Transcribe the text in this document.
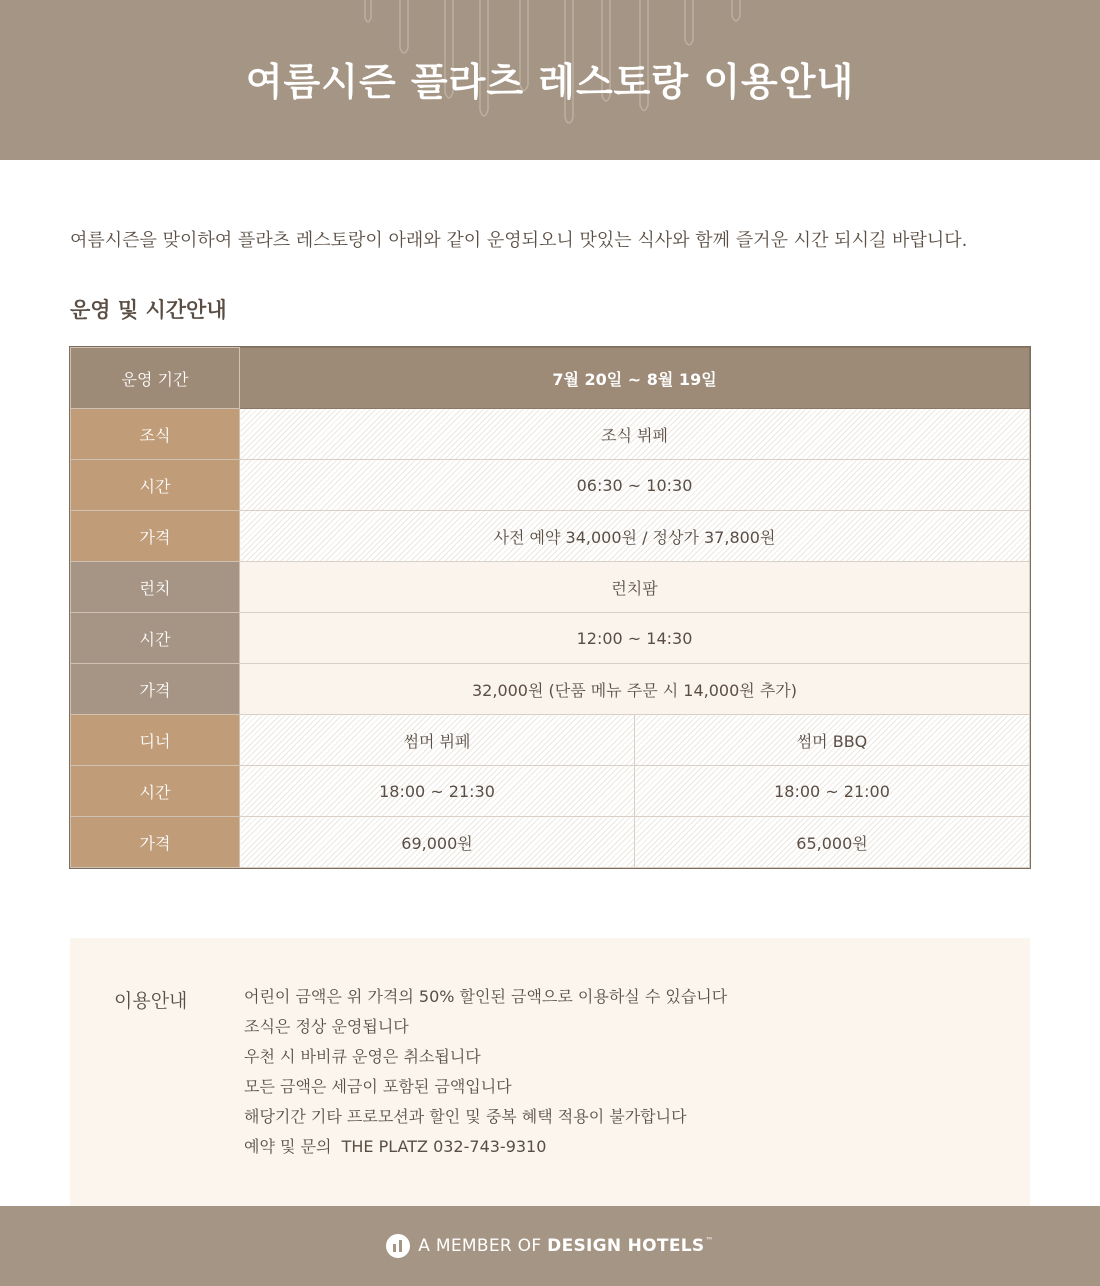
여름시즌 플라츠 레스토랑 이용안내

여름시즌을 맞이하여 플라츠 레스토랑이 아래와 같이 운영되오니 맛있는 식사와 함께 즐거운 시간 되시길 바랍니다.

운영 및 시간안내
운영 기간	7월 20일 ~ 8월 19일	
조식	조식 뷔페	
시간	06:30 ~ 10:30	
가격	사전 예약 34,000원 / 정상가 37,800원	
런치	런치팜	
시간	12:00 ~ 14:30	
가격	32,000원 (단품 메뉴 주문 시 14,000원 추가)	
디너	썸머 뷔페	썸머 BBQ
시간	18:00 ~ 21:30	18:00 ~ 21:00
가격	69,000원	65,000원
이용안내	어린이 금액은 위 가격의 50% 할인된 금액으로 이용하실 수 있습니다
조식은 정상 운영됩니다
우천 시 바비큐 운영은 취소됩니다
모든 금액은 세금이 포함된 금액입니다
해당기간 기타 프로모션과 할인 및 중복 혜택 적용이 불가합니다
예약 및 문의  THE PLATZ 032-743-9310
A MEMBER OF DESIGN HOTELS™
